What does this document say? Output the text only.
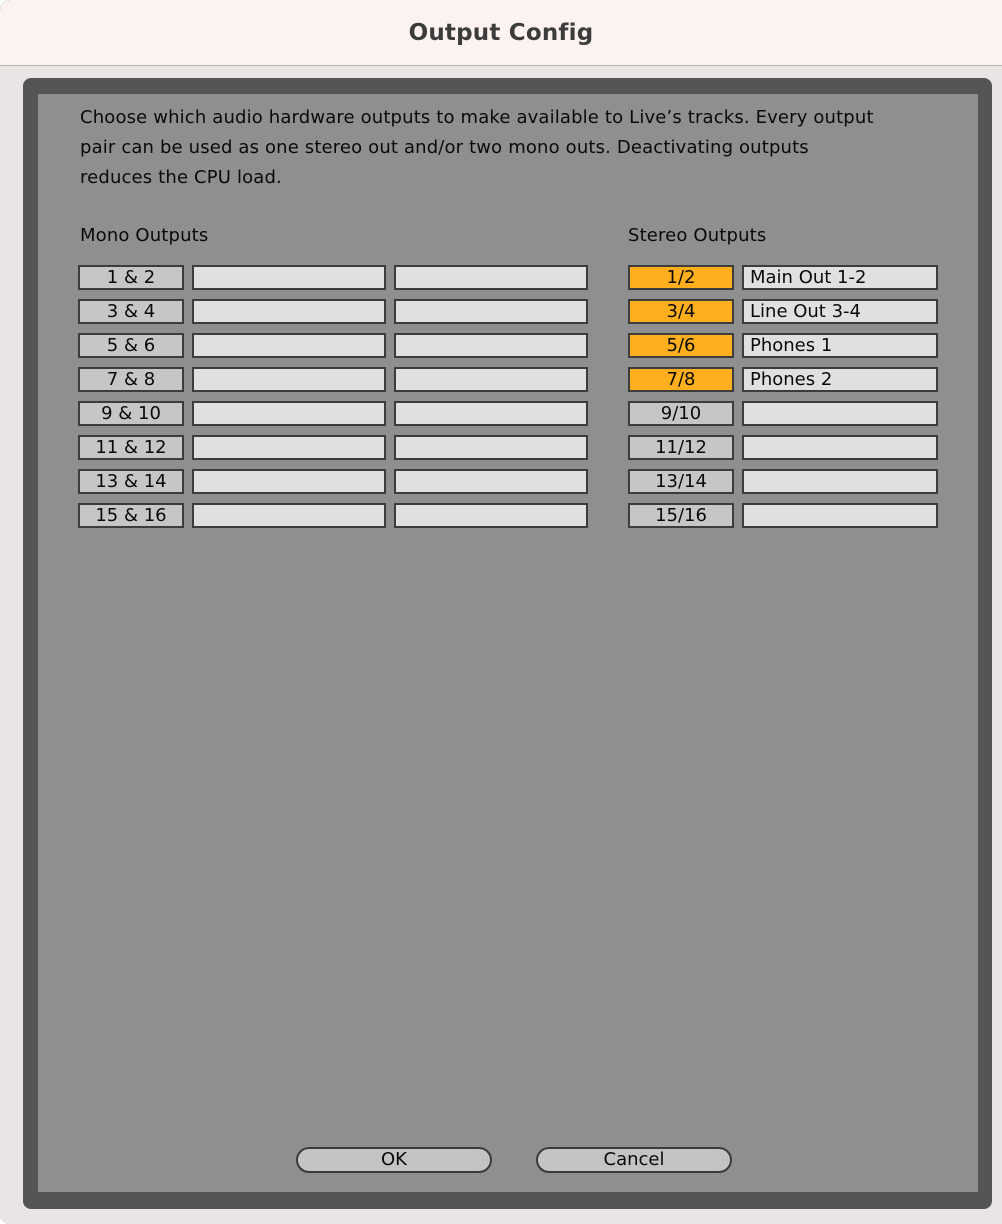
Output Config
Choose which audio hardware outputs to make available to Live’s tracks. Every output
pair can be used as one stereo out and/or two mono outs. Deactivating outputs
reduces the CPU load.
Mono Outputs	Stereo Outputs
1 & 2
3 & 4
5 & 6
7 & 8
9 & 10
11 & 12
13 & 14
15 & 16
1/2	Main Out 1-2
3/4	Line Out 3-4
5/6	Phones 1
7/8	Phones 2
9/10
11/12
13/14
15/16
OK	Cancel
